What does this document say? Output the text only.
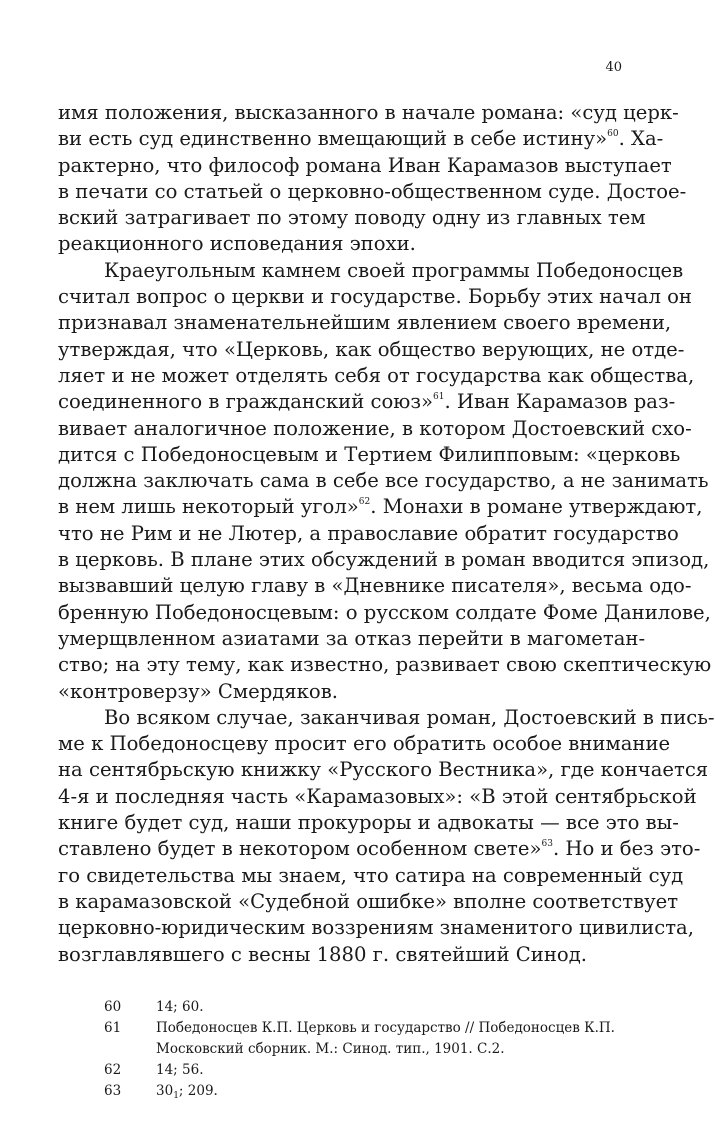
40
имя положения, высказанного в начале романа: «суд церк-
ви есть суд единственно вмещающий в себе истину»$^{60}$. Ха-
рактерно, что философ романа Иван Карамазов выступает
в печати со статьей о церковно-общественном суде. Достое-
вский затрагивает по этому поводу одну из главных тем
реакционного исповедания эпохи.
Краеугольным камнем своей программы Победоносцев
считал вопрос о церкви и государстве. Борьбу этих начал он
признавал знаменательнейшим явлением своего времени,
утверждая, что «Церковь, как общество верующих, не отде-
ляет и не может отделять себя от государства как общества,
соединенного в гражданский союз»$^{61}$. Иван Карамазов раз-
вивает аналогичное положение, в котором Достоевский схо-
дится с Победоносцевым и Тертием Филипповым: «церковь
должна заключать сама в себе все государство, а не занимать
в нем лишь некоторый угол»$^{62}$. Монахи в романе утверждают,
что не Рим и не Лютер, а православие обратит государство
в церковь. В плане этих обсуждений в роман вводится эпизод,
вызвавший целую главу в «Дневнике писателя», весьма одо-
бренную Победоносцевым: о русском солдате Фоме Данилове,
умерщвленном азиатами за отказ перейти в магометан-
ство; на эту тему, как известно, развивает свою скептическую
«контроверзу» Смердяков.
Во всяком случае, заканчивая роман, Достоевский в пись-
ме к Победоносцеву просит его обратить особое внимание
на сентябрьскую книжку «Русского Вестника», где кончается
4-я и последняя часть «Карамазовых»: «В этой сентябрьской
книге будет суд, наши прокуроры и адвокаты — все это вы-
ставлено будет в некотором особенном свете»$^{63}$. Но и без это-
го свидетельства мы знаем, что сатира на современный суд
в карамазовской «Судебной ошибке» вполне соответствует
церковно-юридическим воззрениям знаменитого цивилиста,
возглавлявшего с весны 1880 г. святейший Синод.
60	14; 60.
61	Победоносцев К.П. Церковь и государство // Победоносцев К.П.
Московский сборник. М.: Синод. тип., 1901. С.2.
62	14; 56.
63	$30_1$; 209.
